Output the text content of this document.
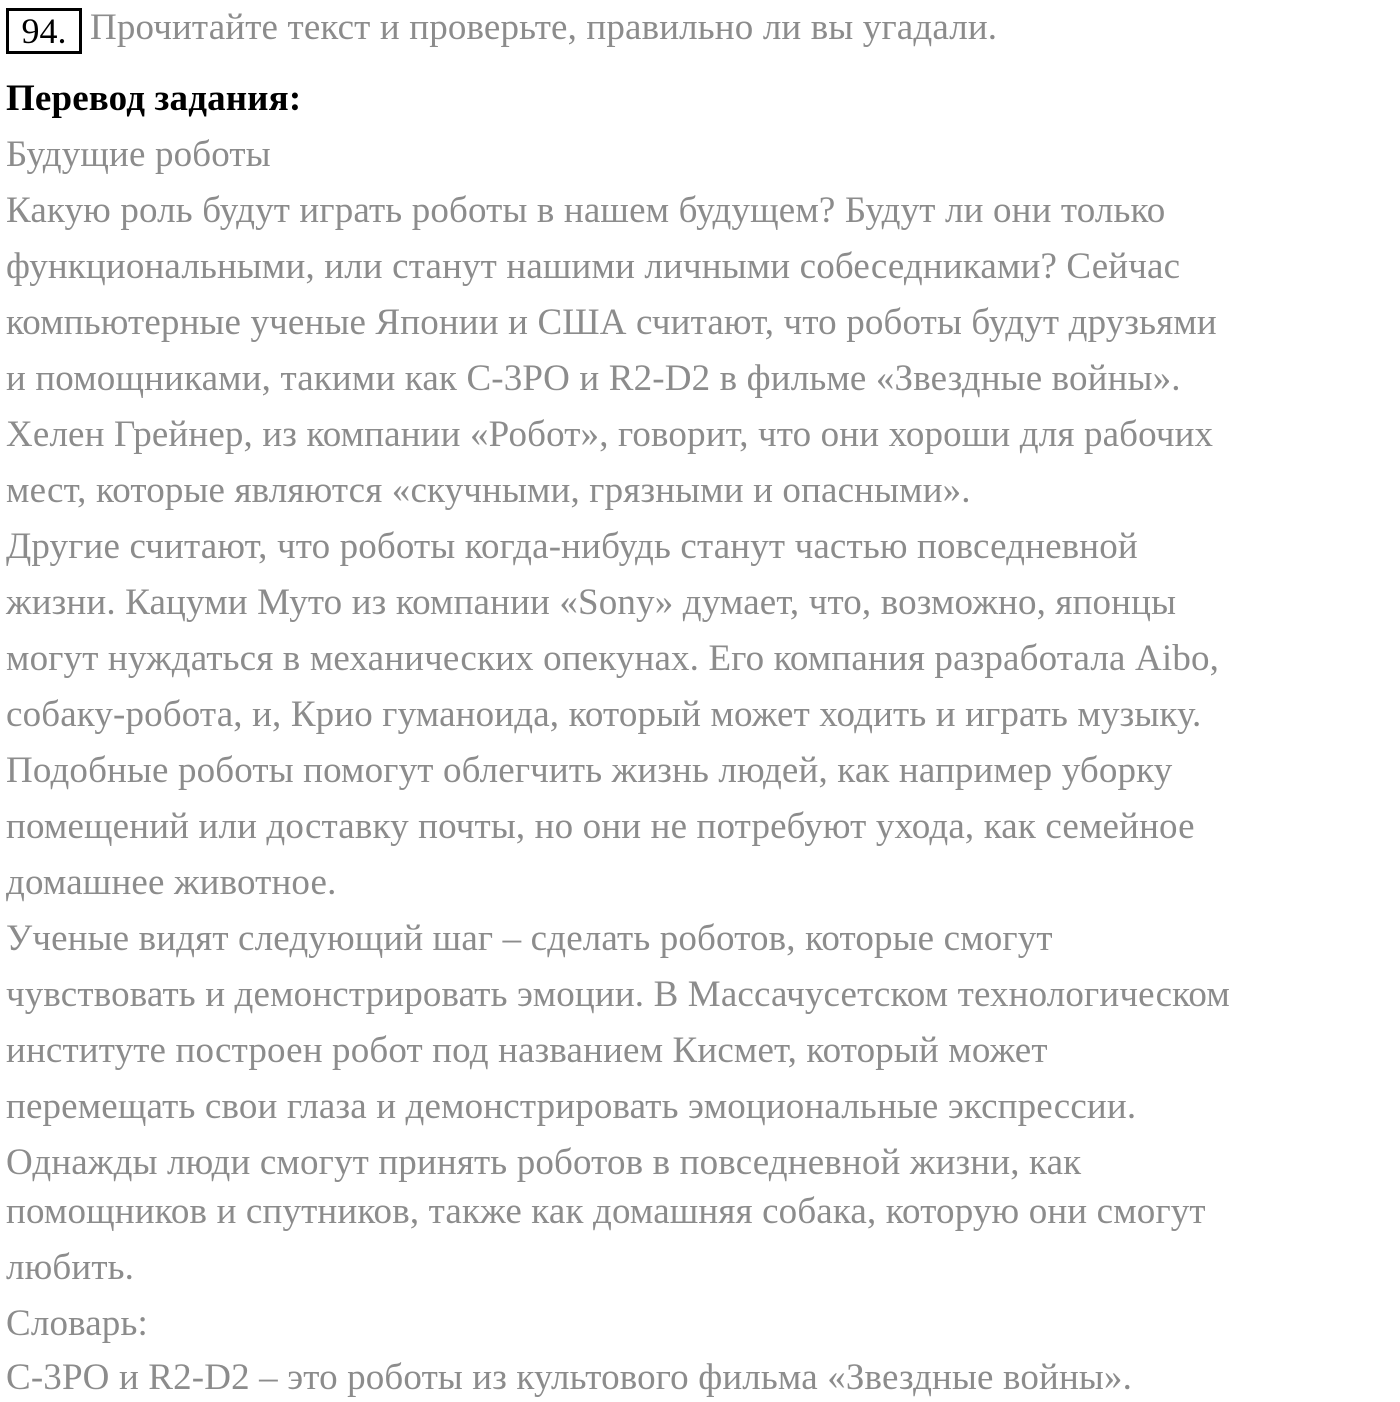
94. Прочитайте текст и проверьте, правильно ли вы угадали.
Перевод задания:
Будущие роботы
Какую роль будут играть роботы в нашем будущем? Будут ли они только
функциональными, или станут нашими личными собеседниками? Сейчас
компьютерные ученые Японии и США считают, что роботы будут друзьями
и помощниками, такими как С-3PO и R2-D2 в фильме «Звездные войны».
Хелен Грейнер, из компании «Робот», говорит, что они хороши для рабочих
мест, которые являются «скучными, грязными и опасными».
Другие считают, что роботы когда-нибудь станут частью повседневной
жизни. Кацуми Муто из компании «Sony» думает, что, возможно, японцы
могут нуждаться в механических опекунах. Его компания разработала Aibo,
собаку-робота, и, Крио гуманоида, который может ходить и играть музыку.
Подобные роботы помогут облегчить жизнь людей, как например уборку
помещений или доставку почты, но они не потребуют ухода, как семейное
домашнее животное.
Ученые видят следующий шаг – сделать роботов, которые смогут
чувствовать и демонстрировать эмоции. В Массачусетском технологическом
институте построен робот под названием Кисмет, который может
перемещать свои глаза и демонстрировать эмоциональные экспрессии.
Однажды люди смогут принять роботов в повседневной жизни, как
помощников и спутников, также как домашняя собака, которую они смогут
любить.
Словарь:
С-3PO и R2-D2 – это роботы из культового фильма «Звездные войны».
